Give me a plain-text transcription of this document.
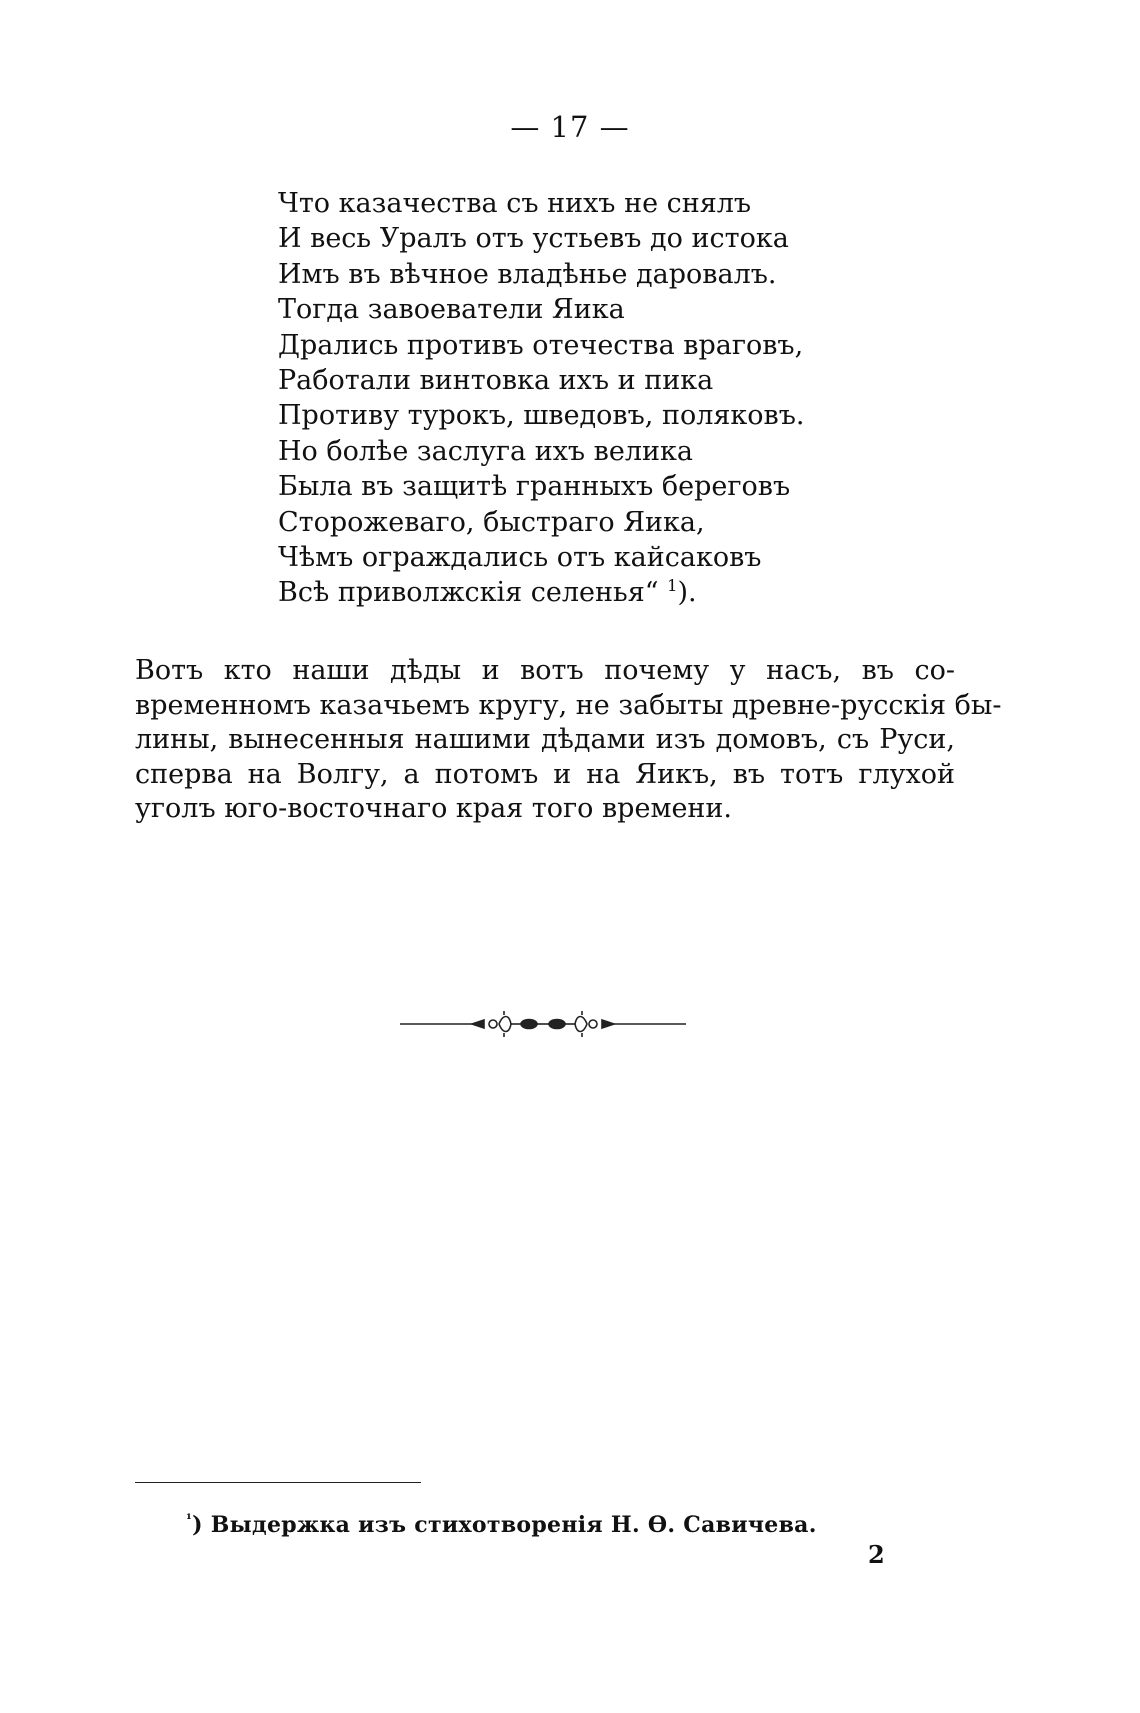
— 17 —
Что казачества съ нихъ не снялъ
И весь Уралъ отъ устьевъ до истока
Имъ въ вѣчное владѣнье даровалъ.
Тогда завоеватели Яика
Дрались противъ отечества враговъ,
Работали винтовка ихъ и пика
Противу турокъ, шведовъ, поляковъ.
Но болѣе заслуга ихъ велика
Была въ защитѣ гранныхъ береговъ
Сторожеваго, быстраго Яика,
Чѣмъ ограждались отъ кайсаковъ
Всѣ приволжскія селенья“ $^1$).
Вотъ кто наши дѣды и вотъ почему у насъ, въ со-
временномъ казачьемъ кругу, не забыты древне-русскія бы-
лины, вынесенныя нашими дѣдами изъ домовъ, съ Руси,
сперва на Волгу, а потомъ и на Яикъ, въ тотъ глухой
уголъ юго-восточнаго края того времени.
$^{^1}$) Выдержка изъ стихотворенія Н. Ѳ. Савичева.
2
